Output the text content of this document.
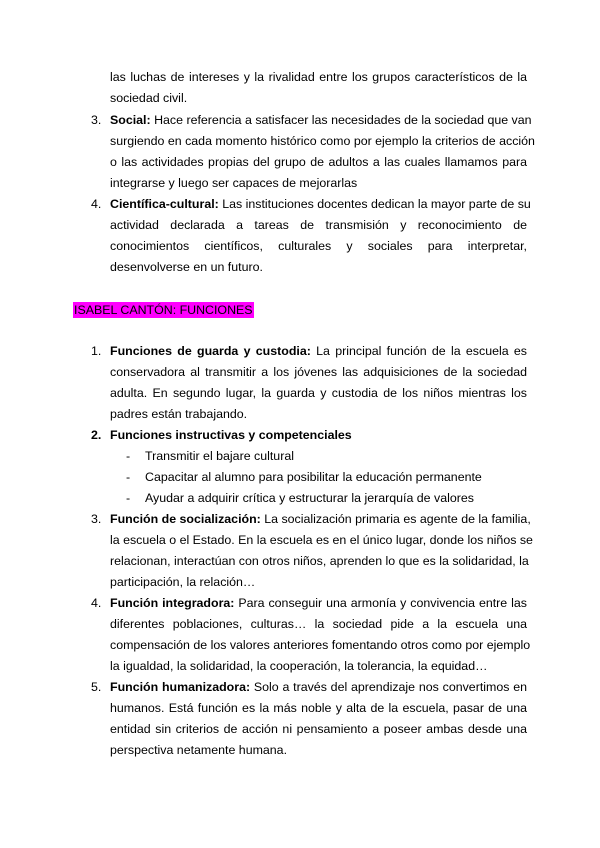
las luchas de intereses y la rivalidad entre los grupos característicos de la
sociedad civil.
3. Social: Hace referencia a satisfacer las necesidades de la sociedad que van
surgiendo en cada momento histórico como por ejemplo la criterios de acción
o las actividades propias del grupo de adultos a las cuales llamamos para
integrarse y luego ser capaces de mejorarlas
4. Científica-cultural: Las instituciones docentes dedican la mayor parte de su
actividad declarada a tareas de transmisión y reconocimiento de
conocimientos científicos, culturales y sociales para interpretar,
desenvolverse en un futuro.
ISABEL CANTÓN: FUNCIONES
1. Funciones de guarda y custodia: La principal función de la escuela es
conservadora al transmitir a los jóvenes las adquisiciones de la sociedad
adulta. En segundo lugar, la guarda y custodia de los niños mientras los
padres están trabajando.
2. Funciones instructivas y competenciales
- Transmitir el bajare cultural
- Capacitar al alumno para posibilitar la educación permanente
- Ayudar a adquirir crítica y estructurar la jerarquía de valores
3. Función de socialización: La socialización primaria es agente de la familia,
la escuela o el Estado. En la escuela es en el único lugar, donde los niños se
relacionan, interactúan con otros niños, aprenden lo que es la solidaridad, la
participación, la relación…
4. Función integradora: Para conseguir una armonía y convivencia entre las
diferentes poblaciones, culturas… la sociedad pide a la escuela una
compensación de los valores anteriores fomentando otros como por ejemplo
la igualdad, la solidaridad, la cooperación, la tolerancia, la equidad…
5. Función humanizadora: Solo a través del aprendizaje nos convertimos en
humanos. Está función es la más noble y alta de la escuela, pasar de una
entidad sin criterios de acción ni pensamiento a poseer ambas desde una
perspectiva netamente humana.
